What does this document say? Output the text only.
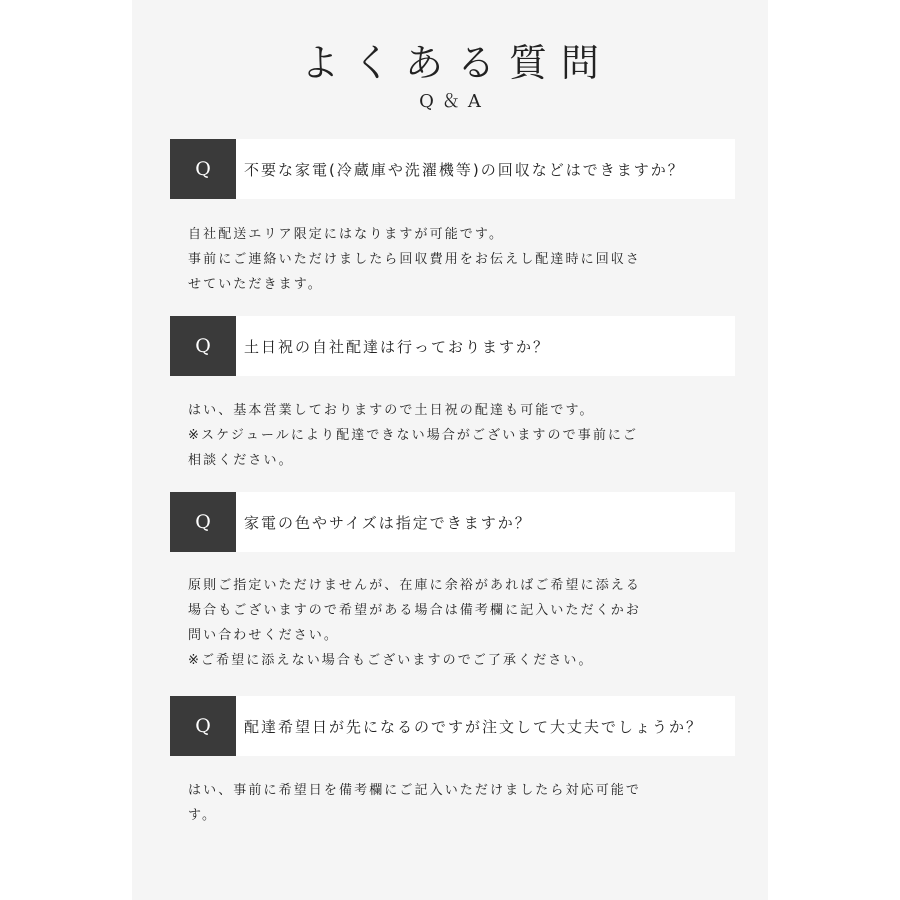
よくある質問
Q＆A
Q	不要な家電(冷蔵庫や洗濯機等)の回収などはできますか？
自社配送エリア限定にはなりますが可能です。
事前にご連絡いただけましたら回収費用をお伝えし配達時に回収さ
せていただきます。
Q	土日祝の自社配達は行っておりますか？
はい、基本営業しておりますので土日祝の配達も可能です。
※スケジュールにより配達できない場合がございますので事前にご
相談ください。
Q	家電の色やサイズは指定できますか？
原則ご指定いただけませんが、在庫に余裕があればご希望に添える
場合もございますので希望がある場合は備考欄に記入いただくかお
問い合わせください。
※ご希望に添えない場合もございますのでご了承ください。
Q	配達希望日が先になるのですが注文して大丈夫でしょうか？
はい、事前に希望日を備考欄にご記入いただけましたら対応可能で
す。
